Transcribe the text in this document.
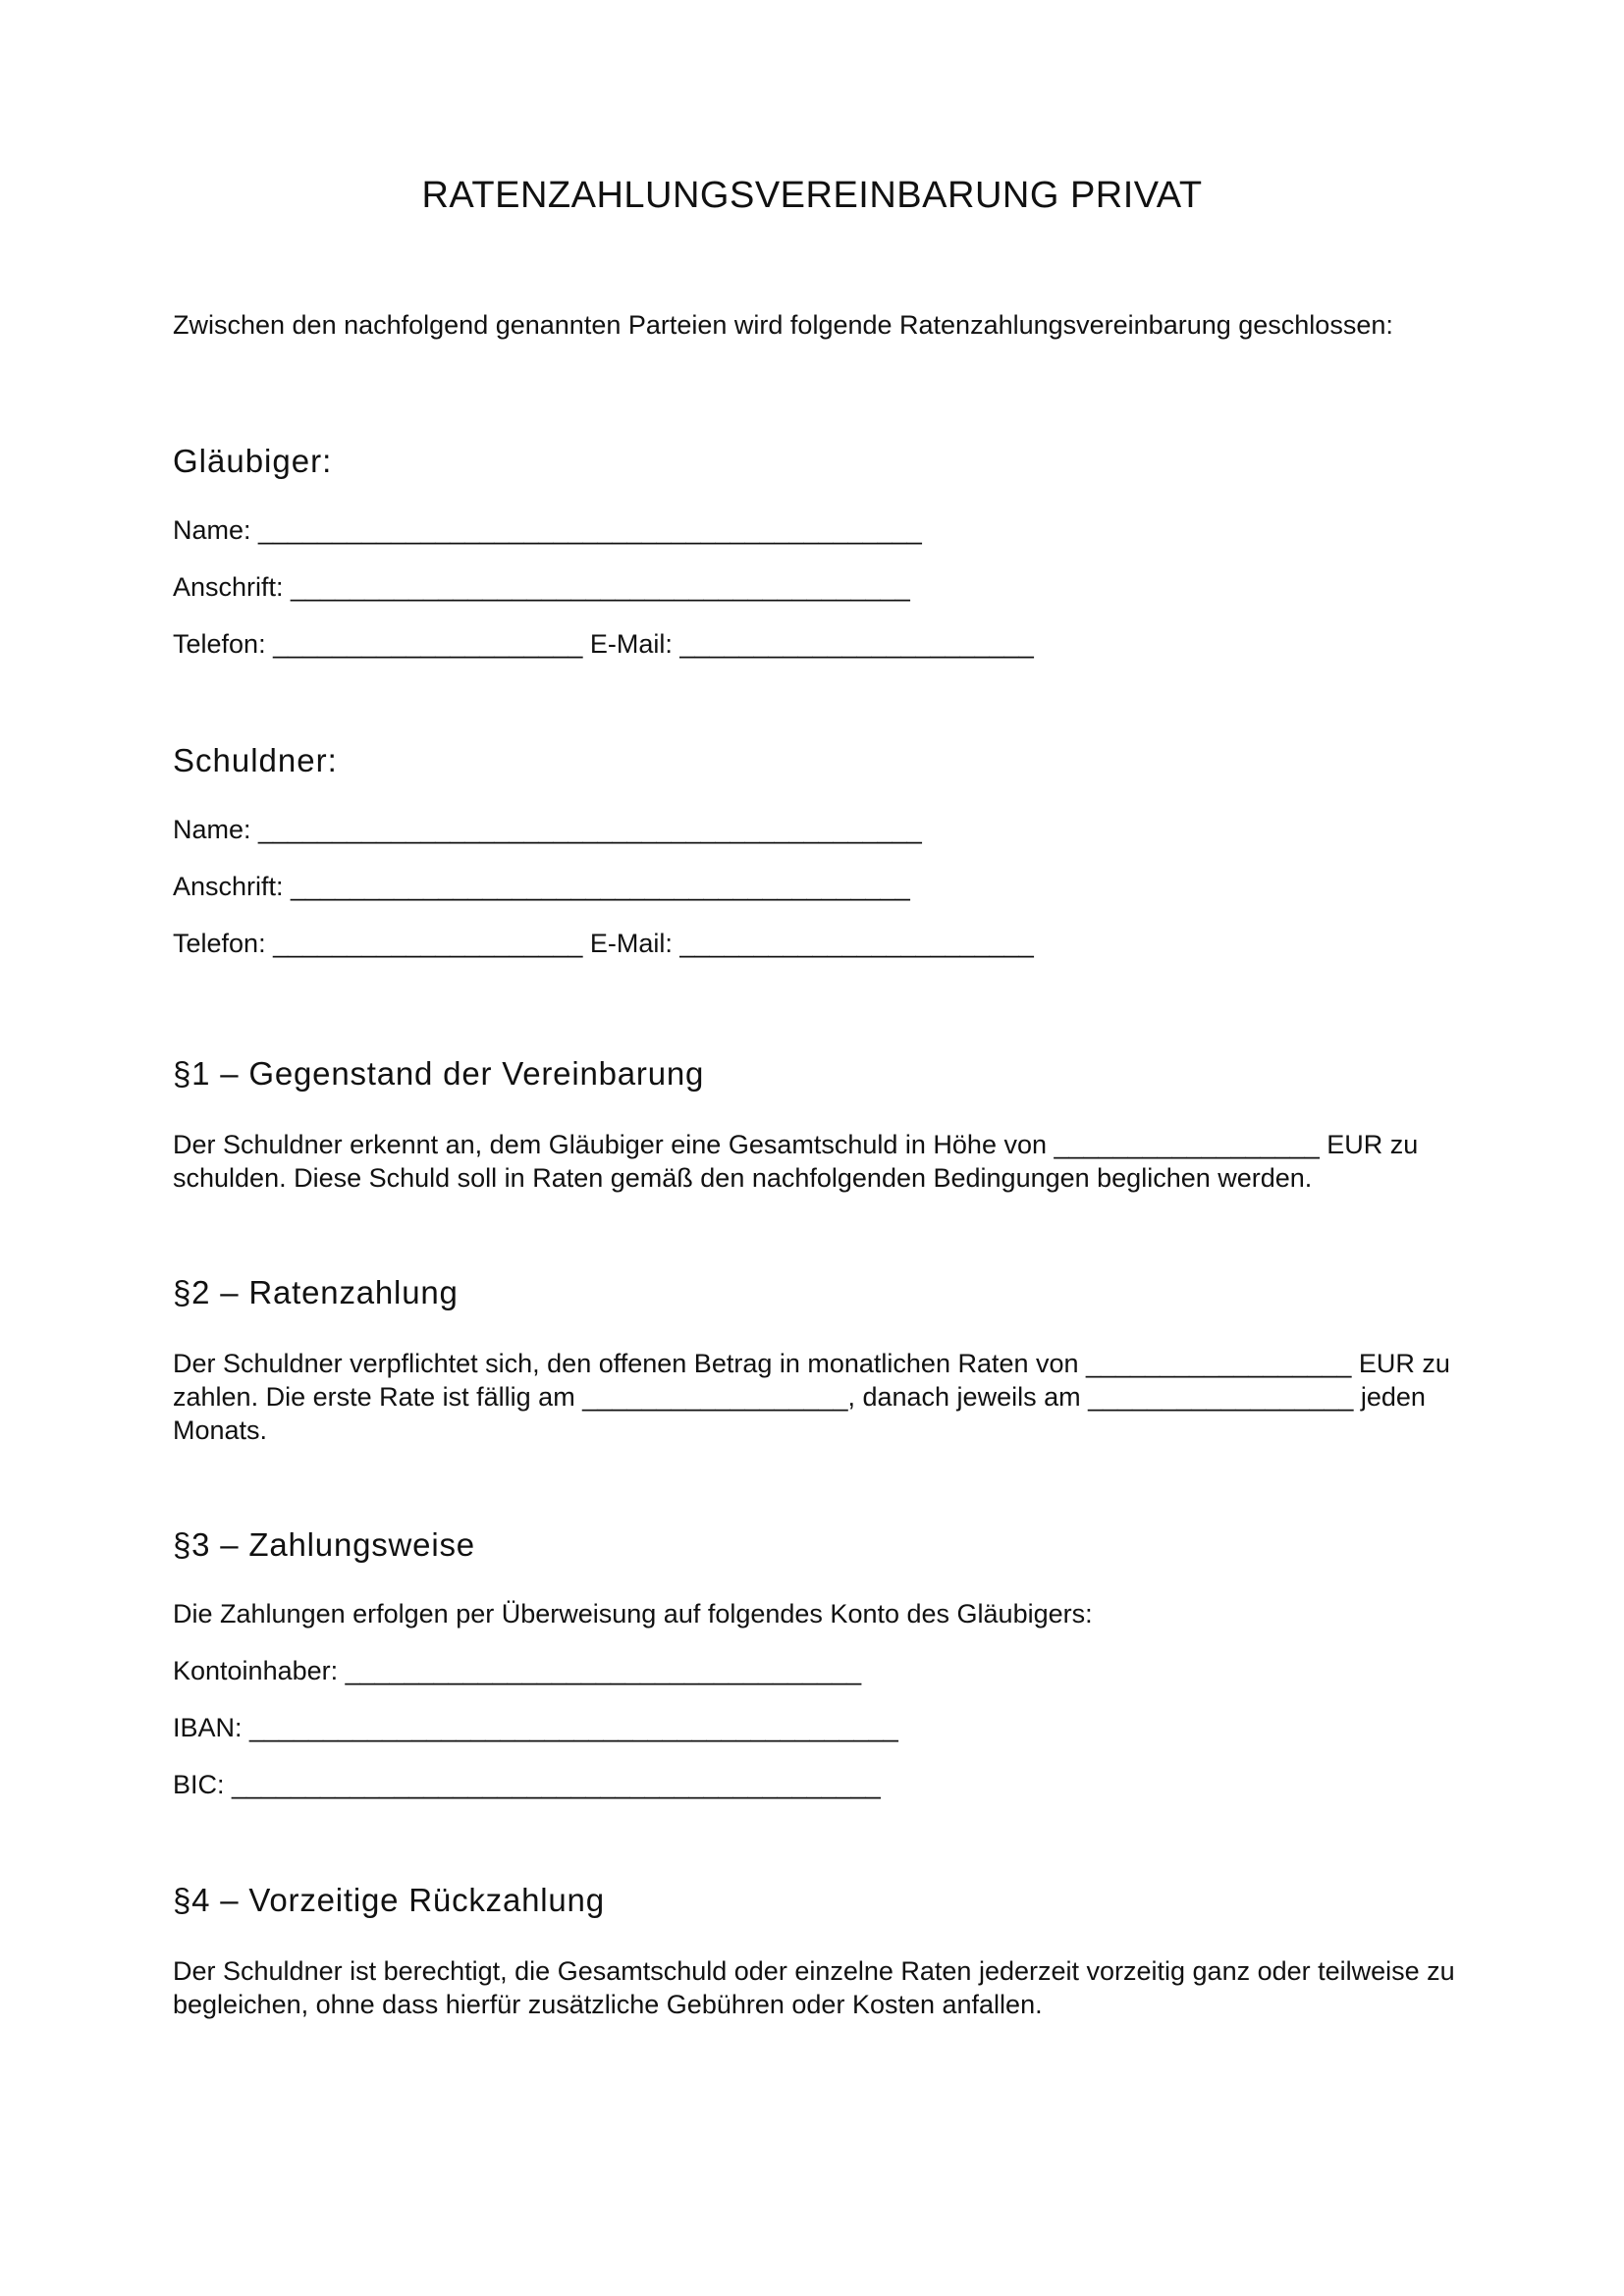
RATENZAHLUNGSVEREINBARUNG PRIVAT
Zwischen den nachfolgend genannten Parteien wird folgende Ratenzahlungsvereinbarung geschlossen:
Gläubiger:
Name: _____________________________________________
Anschrift: __________________________________________
Telefon: _____________________ E-Mail: ________________________
Schuldner:
Name: _____________________________________________
Anschrift: __________________________________________
Telefon: _____________________ E-Mail: ________________________
§1 – Gegenstand der Vereinbarung
Der Schuldner erkennt an, dem Gläubiger eine Gesamtschuld in Höhe von __________________ EUR zu schulden. Diese Schuld soll in Raten gemäß den nachfolgenden Bedingungen beglichen werden.
§2 – Ratenzahlung
Der Schuldner verpflichtet sich, den offenen Betrag in monatlichen Raten von __________________ EUR zu zahlen. Die erste Rate ist fällig am __________________, danach jeweils am __________________ jeden Monats.
§3 – Zahlungsweise
Die Zahlungen erfolgen per Überweisung auf folgendes Konto des Gläubigers:
Kontoinhaber: ___________________________________
IBAN: ____________________________________________
BIC: ____________________________________________
§4 – Vorzeitige Rückzahlung
Der Schuldner ist berechtigt, die Gesamtschuld oder einzelne Raten jederzeit vorzeitig ganz oder teilweise zu begleichen, ohne dass hierfür zusätzliche Gebühren oder Kosten anfallen.
